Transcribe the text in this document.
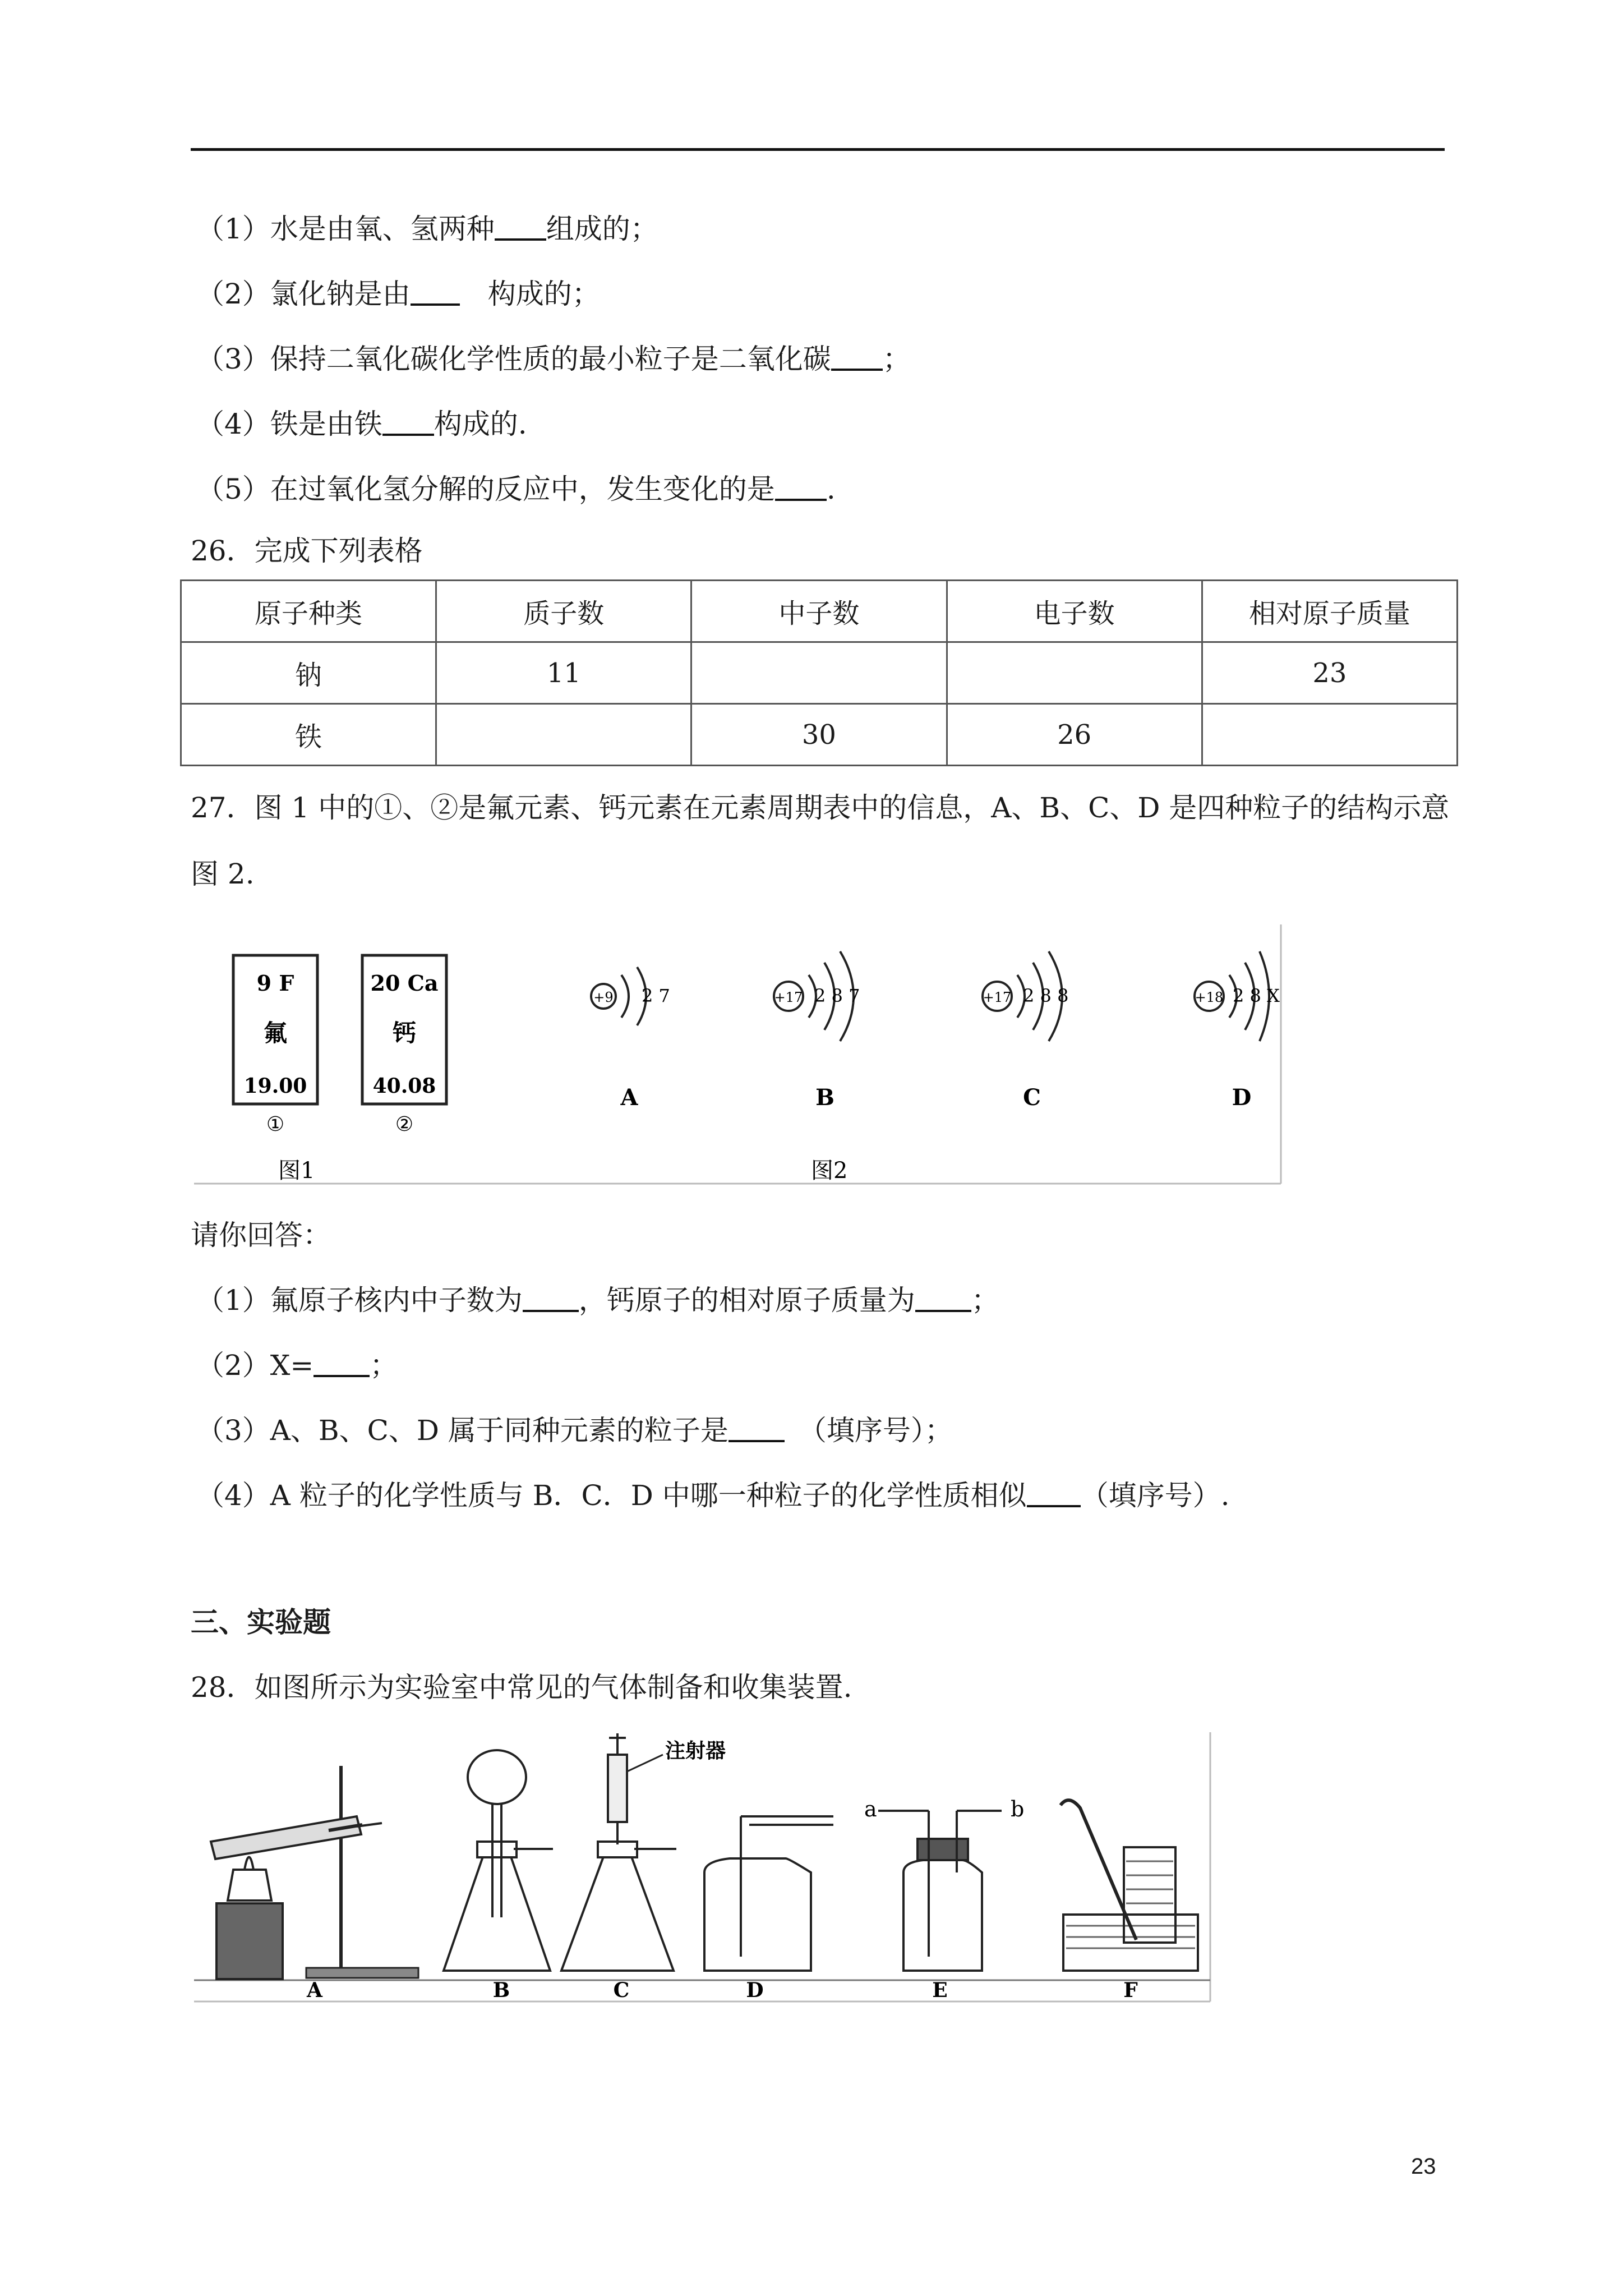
（1）水是由氧、氢两种 组成的；
（2）氯化钠是由　构成的；
（3）保持二氧化碳化学性质的最小粒子是二氧化碳 ；
（4）铁是由铁 构成的.
（5）在过氧化氢分解的反应中，发生变化的是 .
26．完成下列表格
原子种类	质子数	中子数	电子数	相对原子质量
钠	11			23
铁		30	26	
27．图 1 中的①、②是氟元素、钙元素在元素周期表中的信息，A、B、C、D 是四种粒子的结构示意
图 2.
9 F
氟
19.00
①
20 Ca
钙
40.08
②
+9 2 7
A
+17 2 8 7
B
+17 2 8 8
C
+18 2 8 X
D
图1	图2
请你回答：
（1）氟原子核内中子数为 ，钙原子的相对原子质量为 ；
（2）X= ；
（3）A、B、C、D 属于同种元素的粒子是　（填序号）；
（4）A 粒子的化学性质与 B．C．D 中哪一种粒子的化学性质相似 （填序号）.
三、实验题
28．如图所示为实验室中常见的气体制备和收集装置.
A	B
注射器
C	D
a	b
E	F
23
